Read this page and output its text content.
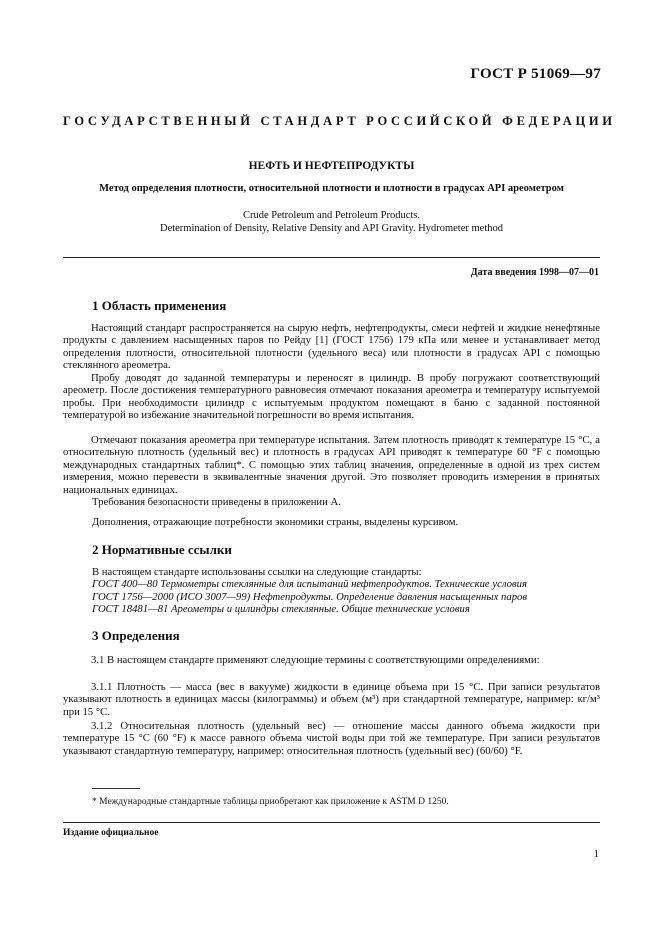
ГОСТ Р 51069—97
ГОСУДАРСТВЕННЫЙ СТАНДАРТ РОССИЙСКОЙ ФЕДЕРАЦИИ
НЕФТЬ И НЕФТЕПРОДУКТЫ
Метод определения плотности, относительной плотности и плотности в градусах API ареометром
Crude Petroleum and Petroleum Products.
Determination of Density, Relative Density and API Gravity. Hydrometer method
Дата введения 1998—07—01
1 Область применения

Настоящий стандарт распространяется на сырую нефть, нефтепродукты, смеси нефтей и жидкие ненефтяные продукты с давлением насыщенных паров по Рейду [1] (ГОСТ 1756) 179 кПа или менее и устанавливает метод определения плотности, относительной плотности (удельного веса) или плотности в градусах API с помощью стеклянного ареометра.

Пробу доводят до заданной температуры и переносят в цилиндр. В пробу погружают соответствующий ареометр. После достижения температурного равновесия отмечают показания ареометра и температуру испытуемой пробы. При необходимости цилиндр с испытуемым продуктом помещают в баню с заданной постоянной температурой во избежание значительной погрешности во время испытания.

Отмечают показания ареометра при температуре испытания. Затем плотность приводят к температуре 15 °С, а относительную плотность (удельный вес) и плотность в градусах API приводят к температуре 60 °F с помощью международных стандартных таблиц*. С помощью этих таблиц значения, определенные в одной из трех систем измерения, можно перевести в эквивалентные значения другой. Это позволяет проводить измерения в принятых национальных единицах.

Требования безопасности приведены в приложении А.
Дополнения, отражающие потребности экономики страны, выделены курсивом.
2 Нормативные ссылки
В настоящем стандарте использованы ссылки на следующие стандарты:
ГОСТ 400—80 Термометры стеклянные для испытаний нефтепродуктов. Технические условия
ГОСТ 1756—2000 (ИСО 3007—99) Нефтепродукты. Определение давления насыщенных паров
ГОСТ 18481—81 Ареометры и цилиндры стеклянные. Общие технические условия
3 Определения

3.1 В настоящем стандарте применяют следующие термины с соответствующими определениями:

3.1.1 Плотность — масса (вес в вакууме) жидкости в единице объема при 15 °С. При записи результатов указывают плотность в единицах массы (килограммы) и объем (м³) при стандартной температуре, например: кг/м³ при 15 °С.

3.1.2 Относительная плотность (удельный вес) — отношение массы данного объема жидкости при температуре 15 °С (60 °F) к массе равного объема чистой воды при той же температуре. При записи результатов указывают стандартную температуру, например: относительная плотность (удельный вес) (60/60) °F.

* Международные стандартные таблицы приобретают как приложение к ASTM D 1250.
Издание официальное
1
